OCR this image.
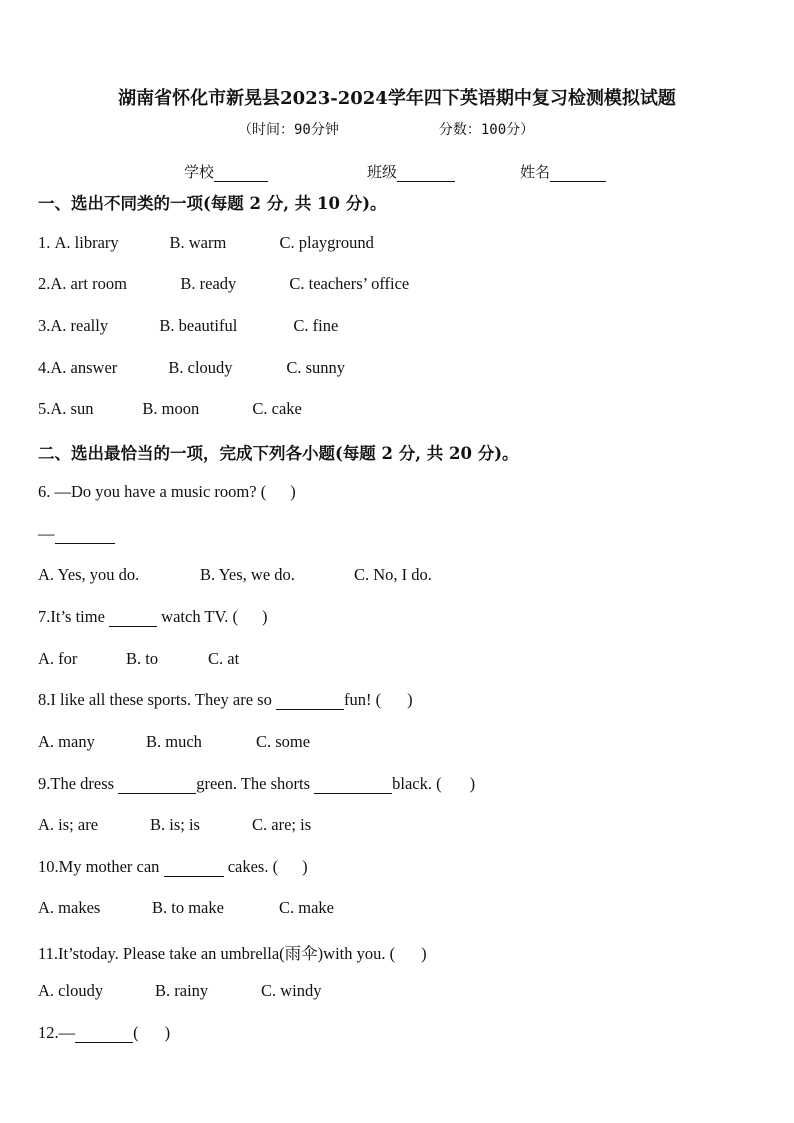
湖南省怀化市新晃县2023-2024学年四下英语期中复习检测模拟试题
（时间：90分钟	分数：100分）
学校	班级	姓名
一、选出不同类的一项(每题 2 分, 共 10 分)。
1. A. library	B. warm	C. playground
2.A. art room	B. ready	C. teachers’ office
3.A. really	B. beautiful	C. fine
4.A. answer	B. cloudy	C. sunny
5.A. sun	B. moon	C. cake
二、选出最恰当的一项，完成下列各小题(每题 2 分, 共 20 分)。
6. —Do you have a music room? ( )
—
A. Yes, you do.	B. Yes, we do.	C. No, I do.
7.It’s time	watch TV. ( )
A. for	B. to	C. at
8.I like all these sports. They are so	fun! ( )
A. many	B. much	C. some
9.The dress	green. The shorts	black. ( )
A. is; are	B. is; is	C. are; is
10.My mother can	cakes. ( )
A. makes	B. to make	C. make
11.It’stoday. Please take an umbrella(雨伞)with you. ( )
A. cloudy	B. rainy	C. windy
12.—	( )
